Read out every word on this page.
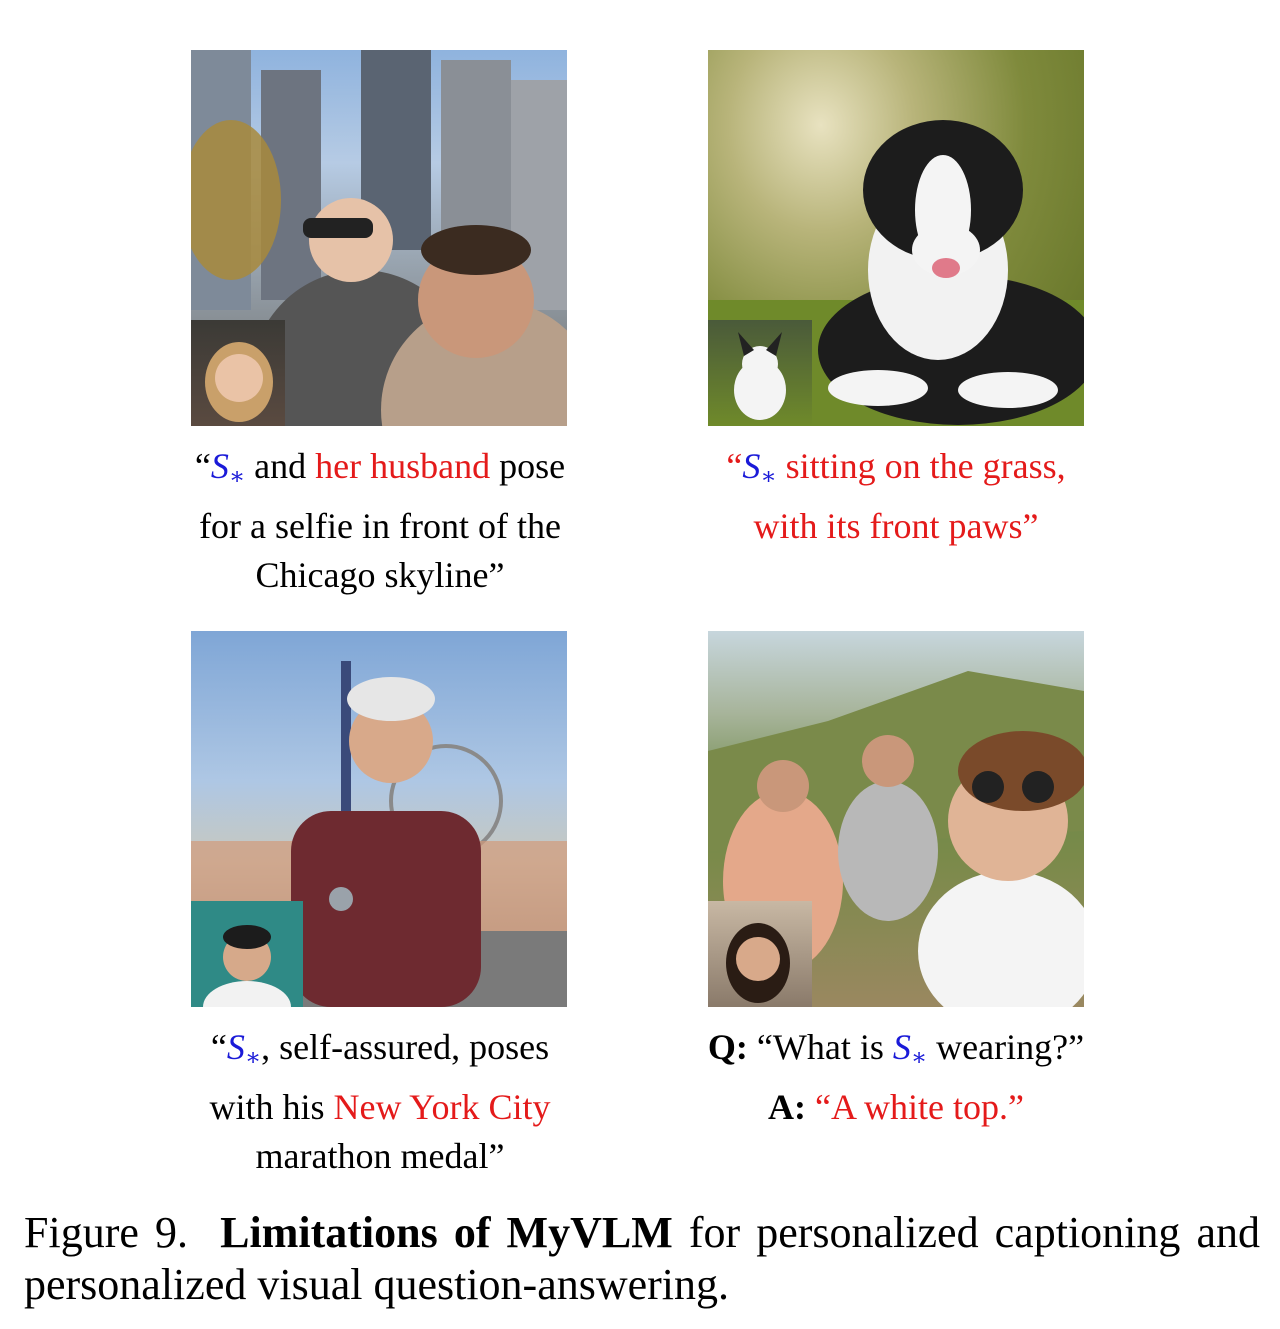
“$S_∗$ and her husband pose
for a selfie in front of the
Chicago skyline”
“$S_∗$ sitting on the grass,
with its front paws”
“$S_∗$, self-assured, poses
with his New York City
marathon medal”
Q: “What is $S_∗$ wearing?”
A: “A white top.”
Figure 9. Limitations of MyVLM for personalized captioning and personalized visual question-answering.
